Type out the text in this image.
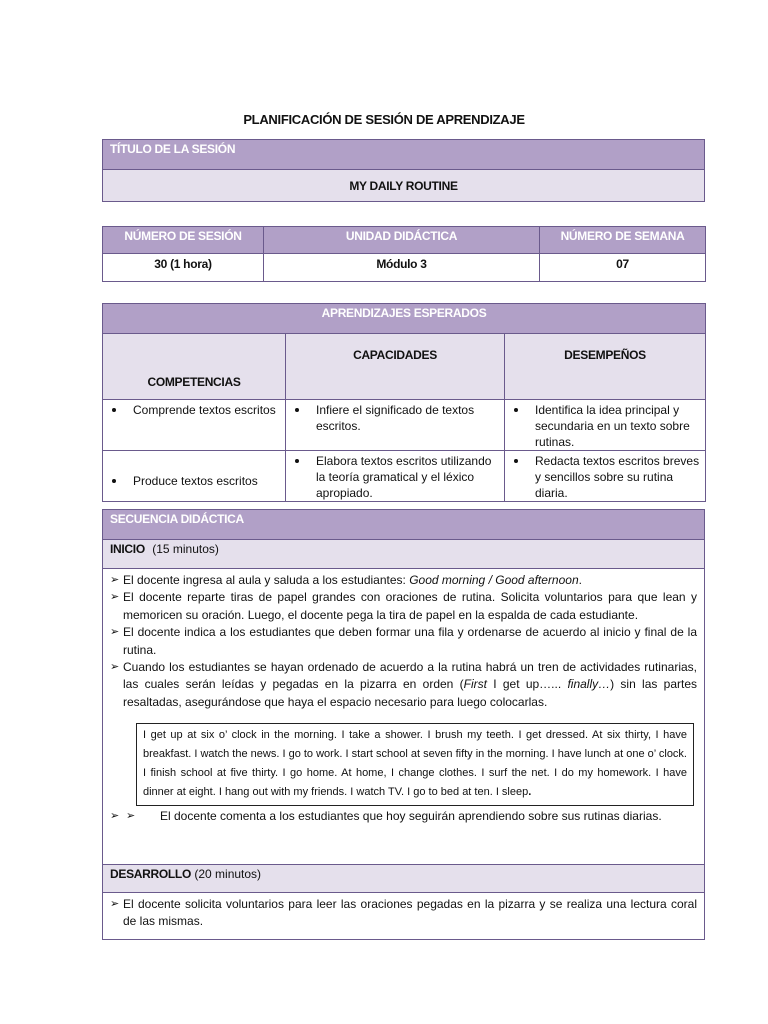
PLANIFICACIÓN DE SESIÓN DE APRENDIZAJE
TÍTULO DE LA SESIÓN
MY DAILY ROUTINE
NÚMERO DE SESIÓN	UNIDAD DIDÁCTICA	NÚMERO DE SEMANA
30 (1 hora)	Módulo 3	07
APRENDIZAJES ESPERADOS		
COMPETENCIAS	CAPACIDADES	DESEMPEÑOS

Comprende textos escritos	Infiere el significado de textos escritos.	Identifica la idea principal y secundaria en un texto sobre rutinas.

Produce textos escritos	Elabora textos escritos utilizando la teoría gramatical y el léxico apropiado.	Redacta textos escritos breves y sencillos sobre su rutina diaria.
SECUENCIA DIDÁCTICA
INICIO (15 minutos)

➢ El docente ingresa al aula y saluda a los estudiantes: Good morning / Good afternoon.
➢ El docente reparte tiras de papel grandes con oraciones de rutina. Solicita voluntarios para que lean y memoricen su oración. Luego, el docente pega la tira de papel en la espalda de cada estudiante.
➢ El docente indica a los estudiantes que deben formar una fila y ordenarse de acuerdo al inicio y final de la rutina.
➢ Cuando los estudiantes se hayan ordenado de acuerdo a la rutina habrá un tren de actividades rutinarias, las cuales serán leídas y pegadas en la pizarra en orden (First I get up…... finally…) sin las partes resaltadas, asegurándose que haya el espacio necesario para luego colocarlas.
I get up at six o’ clock in the morning. I take a shower. I brush my teeth. I get dressed. At six thirty, I have breakfast. I watch the news. I go to work. I start school at seven fifty in the morning. I have lunch at one o’ clock. I finish school at five thirty. I go home. At home, I change clothes. I surf the net. I do my homework. I have dinner at eight. I hang out with my friends. I watch TV. I go to bed at ten. I sleep.
➢ ➢ El docente comenta a los estudiantes que hoy seguirán aprendiendo sobre sus rutinas diarias.

DESARROLLO (20 minutos)

➢ El docente solicita voluntarios para leer las oraciones pegadas en la pizarra y se realiza una lectura coral de las mismas.
